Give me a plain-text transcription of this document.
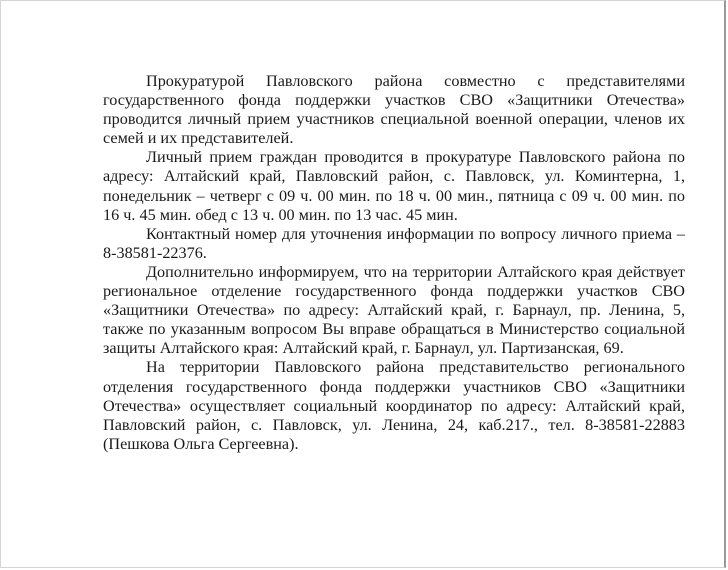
Прокуратурой Павловского района совместно с представителями государственного фонда поддержки участков СВО «Защитники Отечества» проводится личный прием участников специальной военной операции, членов их семей и их представителей.

Личный прием граждан проводится в прокуратуре Павловского района по адресу: Алтайский край, Павловский район, с. Павловск, ул. Коминтерна, 1, понедельник – четверг с 09 ч. 00 мин. по 18 ч. 00 мин., пятница с 09 ч. 00 мин. по 16 ч. 45 мин. обед с 13 ч. 00 мин. по 13 час. 45 мин.

Контактный номер для уточнения информации по вопросу личного приема – 8-38581-22376.

Дополнительно информируем, что на территории Алтайского края действует региональное отделение государственного фонда поддержки участков СВО «Защитники Отечества» по адресу: Алтайский край, г. Барнаул, пр. Ленина, 5, также по указанным вопросом Вы вправе обращаться в Министерство социальной защиты Алтайского края: Алтайский край, г. Барнаул, ул. Партизанская, 69.

На территории Павловского района представительство регионального отделения государственного фонда поддержки участников СВО «Защитники Отечества» осуществляет социальный координатор по адресу: Алтайский край, Павловский район, с. Павловск, ул. Ленина, 24, каб.217., тел. 8-38581-22883 (Пешкова Ольга Сергеевна).
